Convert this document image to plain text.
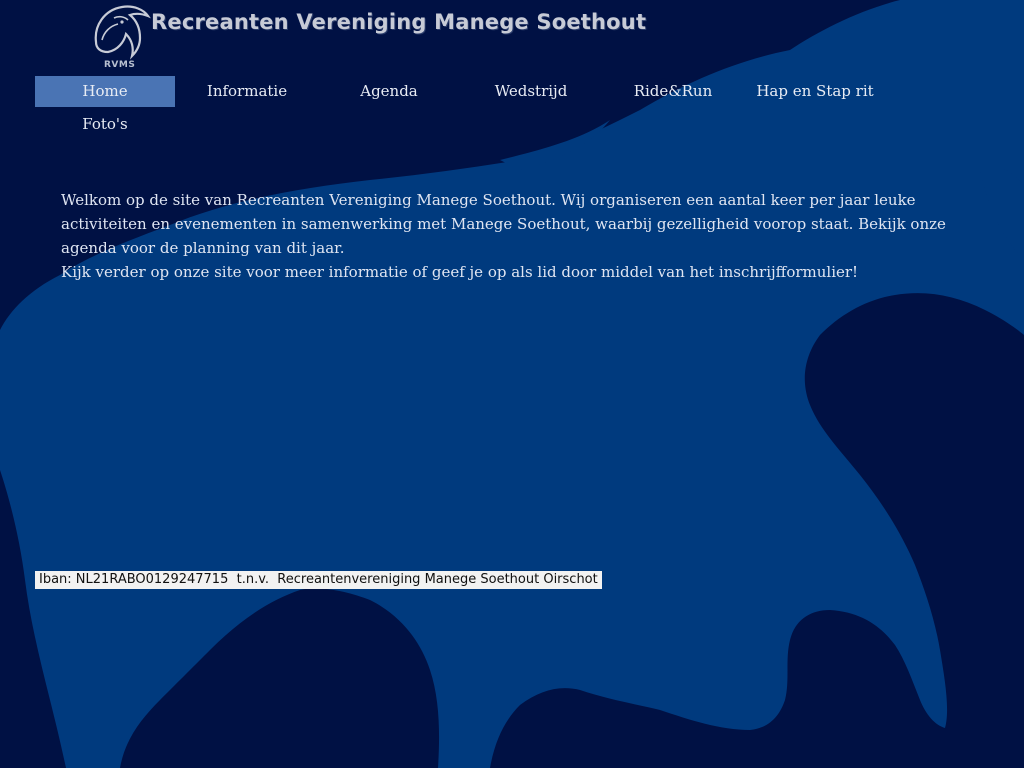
RVMS
Recreanten Vereniging Manege Soethout
Home	Informatie	Agenda	Wedstrijd	Ride&Run	Hap en Stap rit
Foto's

Welkom op de site van Recreanten Vereniging Manege Soethout. Wij organiseren een aantal keer per jaar leuke activiteiten en evenementen in samenwerking met Manege Soethout, waarbij gezelligheid voorop staat. Bekijk onze agenda voor de planning van dit jaar.

Kijk verder op onze site voor meer informatie of geef je op als lid door middel van het inschrijfformulier!

Iban: NL21RABO0129247715  t.n.v.  Recreantenvereniging Manege Soethout Oirschot
